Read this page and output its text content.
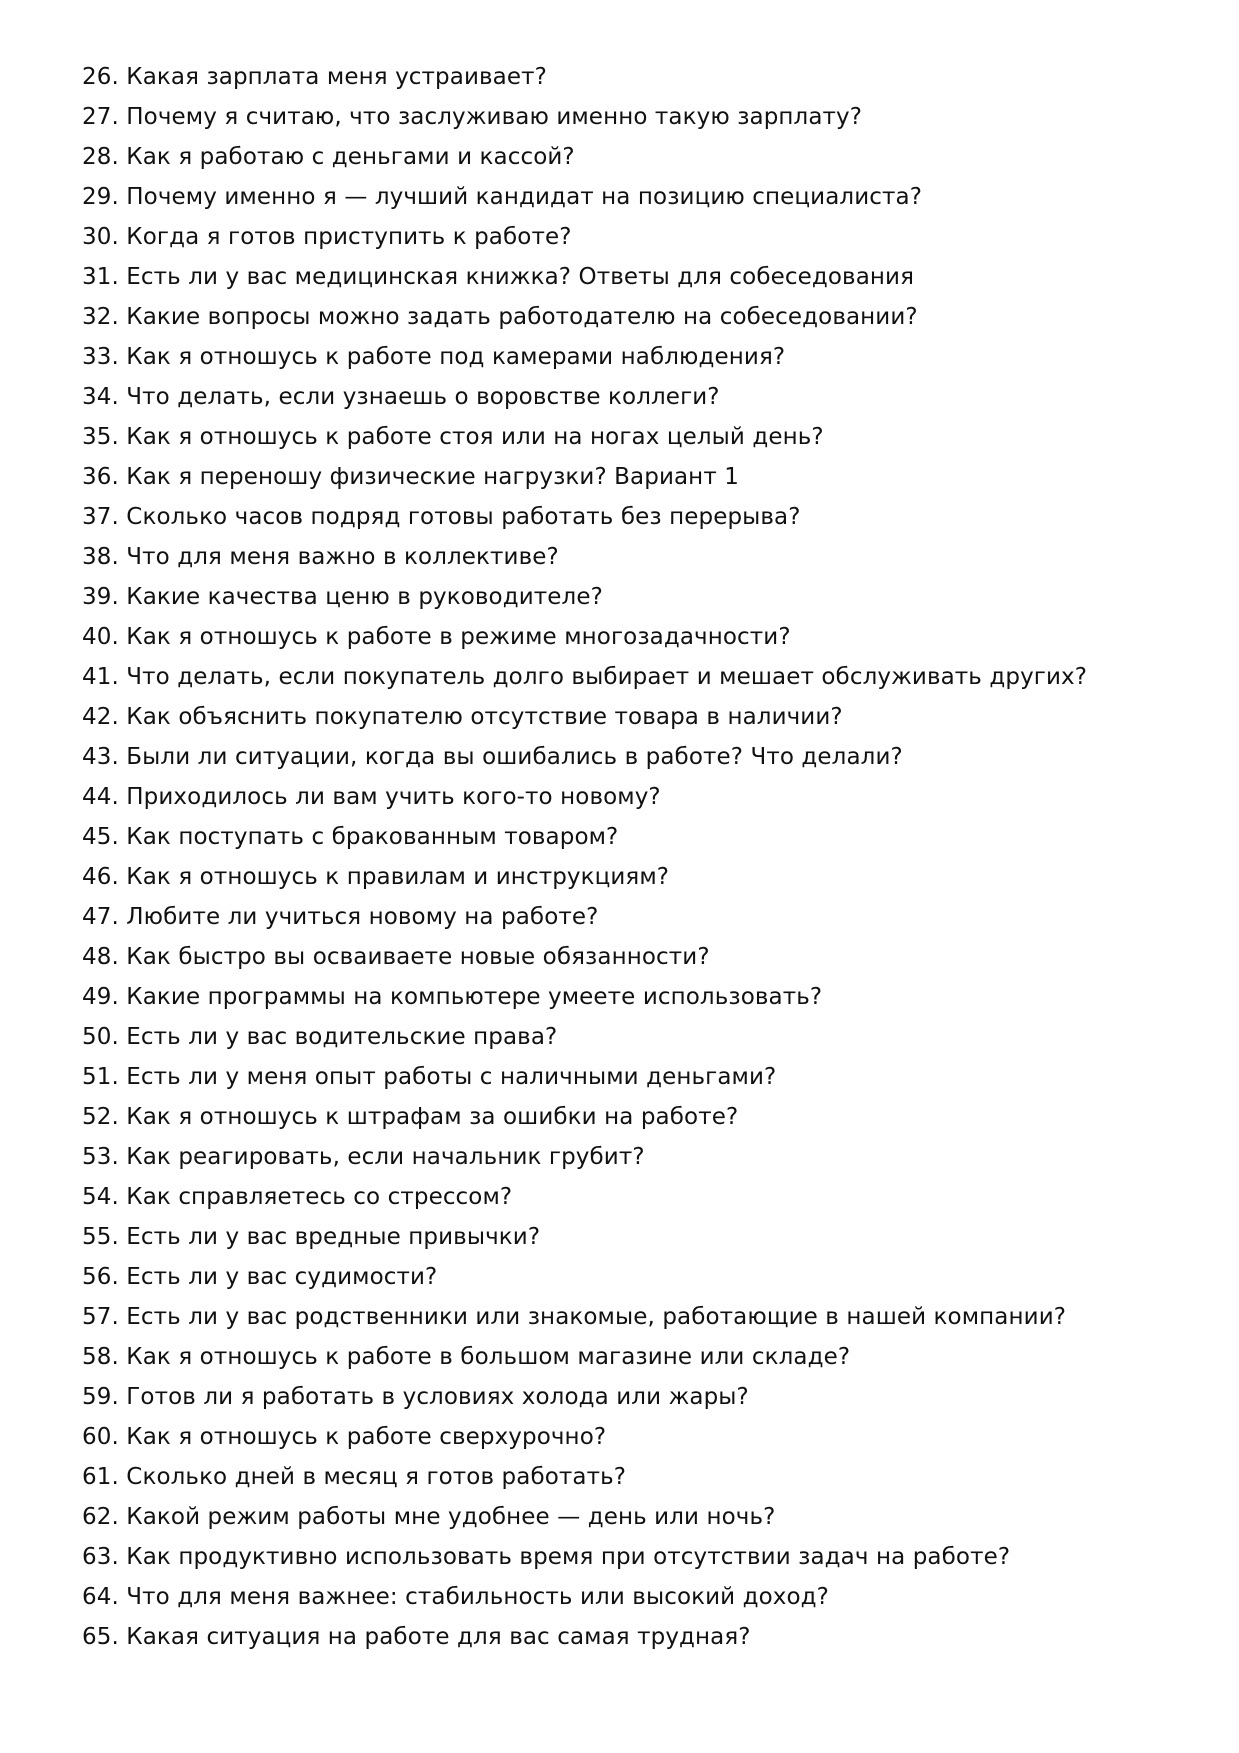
26. Какая зарплата меня устраивает?
27. Почему я считаю, что заслуживаю именно такую зарплату?
28. Как я работаю с деньгами и кассой?
29. Почему именно я — лучший кандидат на позицию специалиста?
30. Когда я готов приступить к работе?
31. Есть ли у вас медицинская книжка? Ответы для собеседования
32. Какие вопросы можно задать работодателю на собеседовании?
33. Как я отношусь к работе под камерами наблюдения?
34. Что делать, если узнаешь о воровстве коллеги?
35. Как я отношусь к работе стоя или на ногах целый день?
36. Как я переношу физические нагрузки? Вариант 1
37. Сколько часов подряд готовы работать без перерыва?
38. Что для меня важно в коллективе?
39. Какие качества ценю в руководителе?
40. Как я отношусь к работе в режиме многозадачности?
41. Что делать, если покупатель долго выбирает и мешает обслуживать других?
42. Как объяснить покупателю отсутствие товара в наличии?
43. Были ли ситуации, когда вы ошибались в работе? Что делали?
44. Приходилось ли вам учить кого-то новому?
45. Как поступать с бракованным товаром?
46. Как я отношусь к правилам и инструкциям?
47. Любите ли учиться новому на работе?
48. Как быстро вы осваиваете новые обязанности?
49. Какие программы на компьютере умеете использовать?
50. Есть ли у вас водительские права?
51. Есть ли у меня опыт работы с наличными деньгами?
52. Как я отношусь к штрафам за ошибки на работе?
53. Как реагировать, если начальник грубит?
54. Как справляетесь со стрессом?
55. Есть ли у вас вредные привычки?
56. Есть ли у вас судимости?
57. Есть ли у вас родственники или знакомые, работающие в нашей компании?
58. Как я отношусь к работе в большом магазине или складе?
59. Готов ли я работать в условиях холода или жары?
60. Как я отношусь к работе сверхурочно?
61. Сколько дней в месяц я готов работать?
62. Какой режим работы мне удобнее — день или ночь?
63. Как продуктивно использовать время при отсутствии задач на работе?
64. Что для меня важнее: стабильность или высокий доход?
65. Какая ситуация на работе для вас самая трудная?
